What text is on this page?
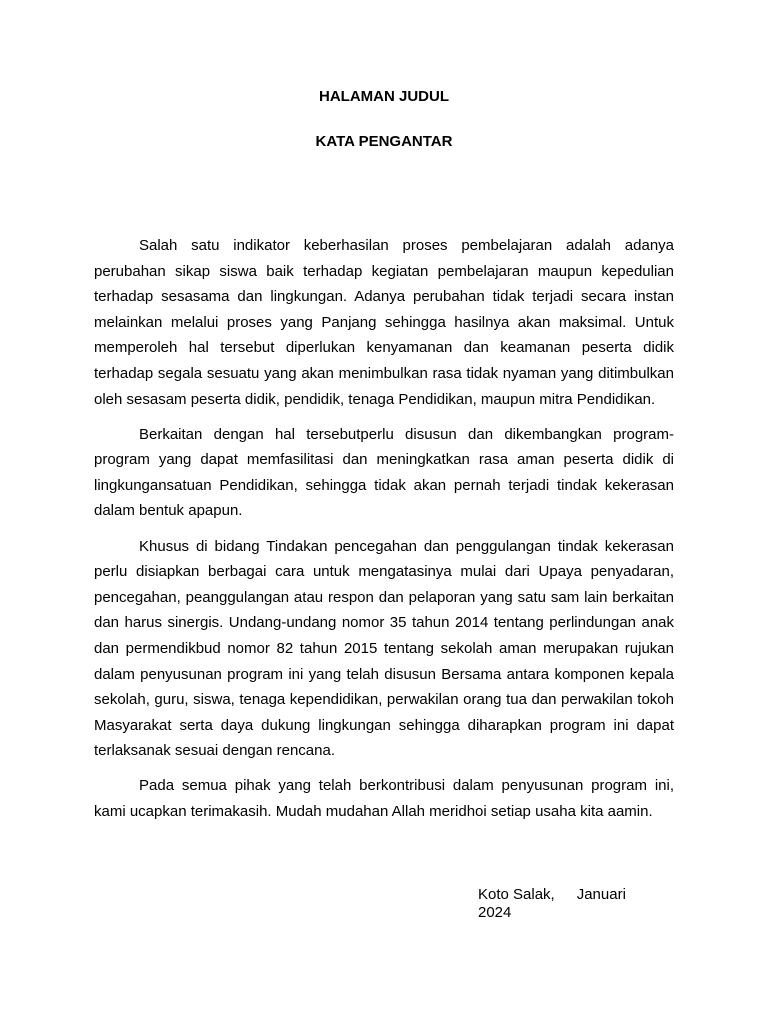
HALAMAN JUDUL
KATA PENGANTAR

Salah satu indikator keberhasilan proses pembelajaran adalah adanya perubahan sikap siswa baik terhadap kegiatan pembelajaran maupun kepedulian terhadap sesasama dan lingkungan. Adanya perubahan tidak terjadi secara instan melainkan melalui proses yang Panjang sehingga hasilnya akan maksimal. Untuk memperoleh hal tersebut diperlukan kenyamanan dan keamanan peserta didik terhadap segala sesuatu yang akan menimbulkan rasa tidak nyaman yang ditimbulkan oleh sesasam peserta didik, pendidik, tenaga Pendidikan, maupun mitra Pendidikan.

Berkaitan dengan hal tersebutperlu disusun dan dikembangkan program-program yang dapat memfasilitasi dan meningkatkan rasa aman peserta didik di lingkungansatuan Pendidikan, sehingga tidak akan pernah terjadi tindak kekerasan dalam bentuk apapun.

Khusus di bidang Tindakan pencegahan dan penggulangan tindak kekerasan perlu disiapkan berbagai cara untuk mengatasinya mulai dari Upaya penyadaran, pencegahan, peanggulangan atau respon dan pelaporan yang satu sam lain berkaitan dan harus sinergis. Undang-undang nomor 35 tahun 2014 tentang perlindungan anak dan permendikbud nomor 82 tahun 2015 tentang sekolah aman merupakan rujukan dalam penyusunan program ini yang telah disusun Bersama antara komponen kepala sekolah, guru, siswa, tenaga kependidikan, perwakilan orang tua dan perwakilan tokoh Masyarakat serta daya dukung lingkungan sehingga diharapkan program ini dapat terlaksanak sesuai dengan rencana.

Pada semua pihak yang telah berkontribusi dalam penyusunan program ini, kami ucapkan terimakasih. Mudah mudahan Allah meridhoi setiap usaha kita aamin.

Koto Salak, Januari
2024
